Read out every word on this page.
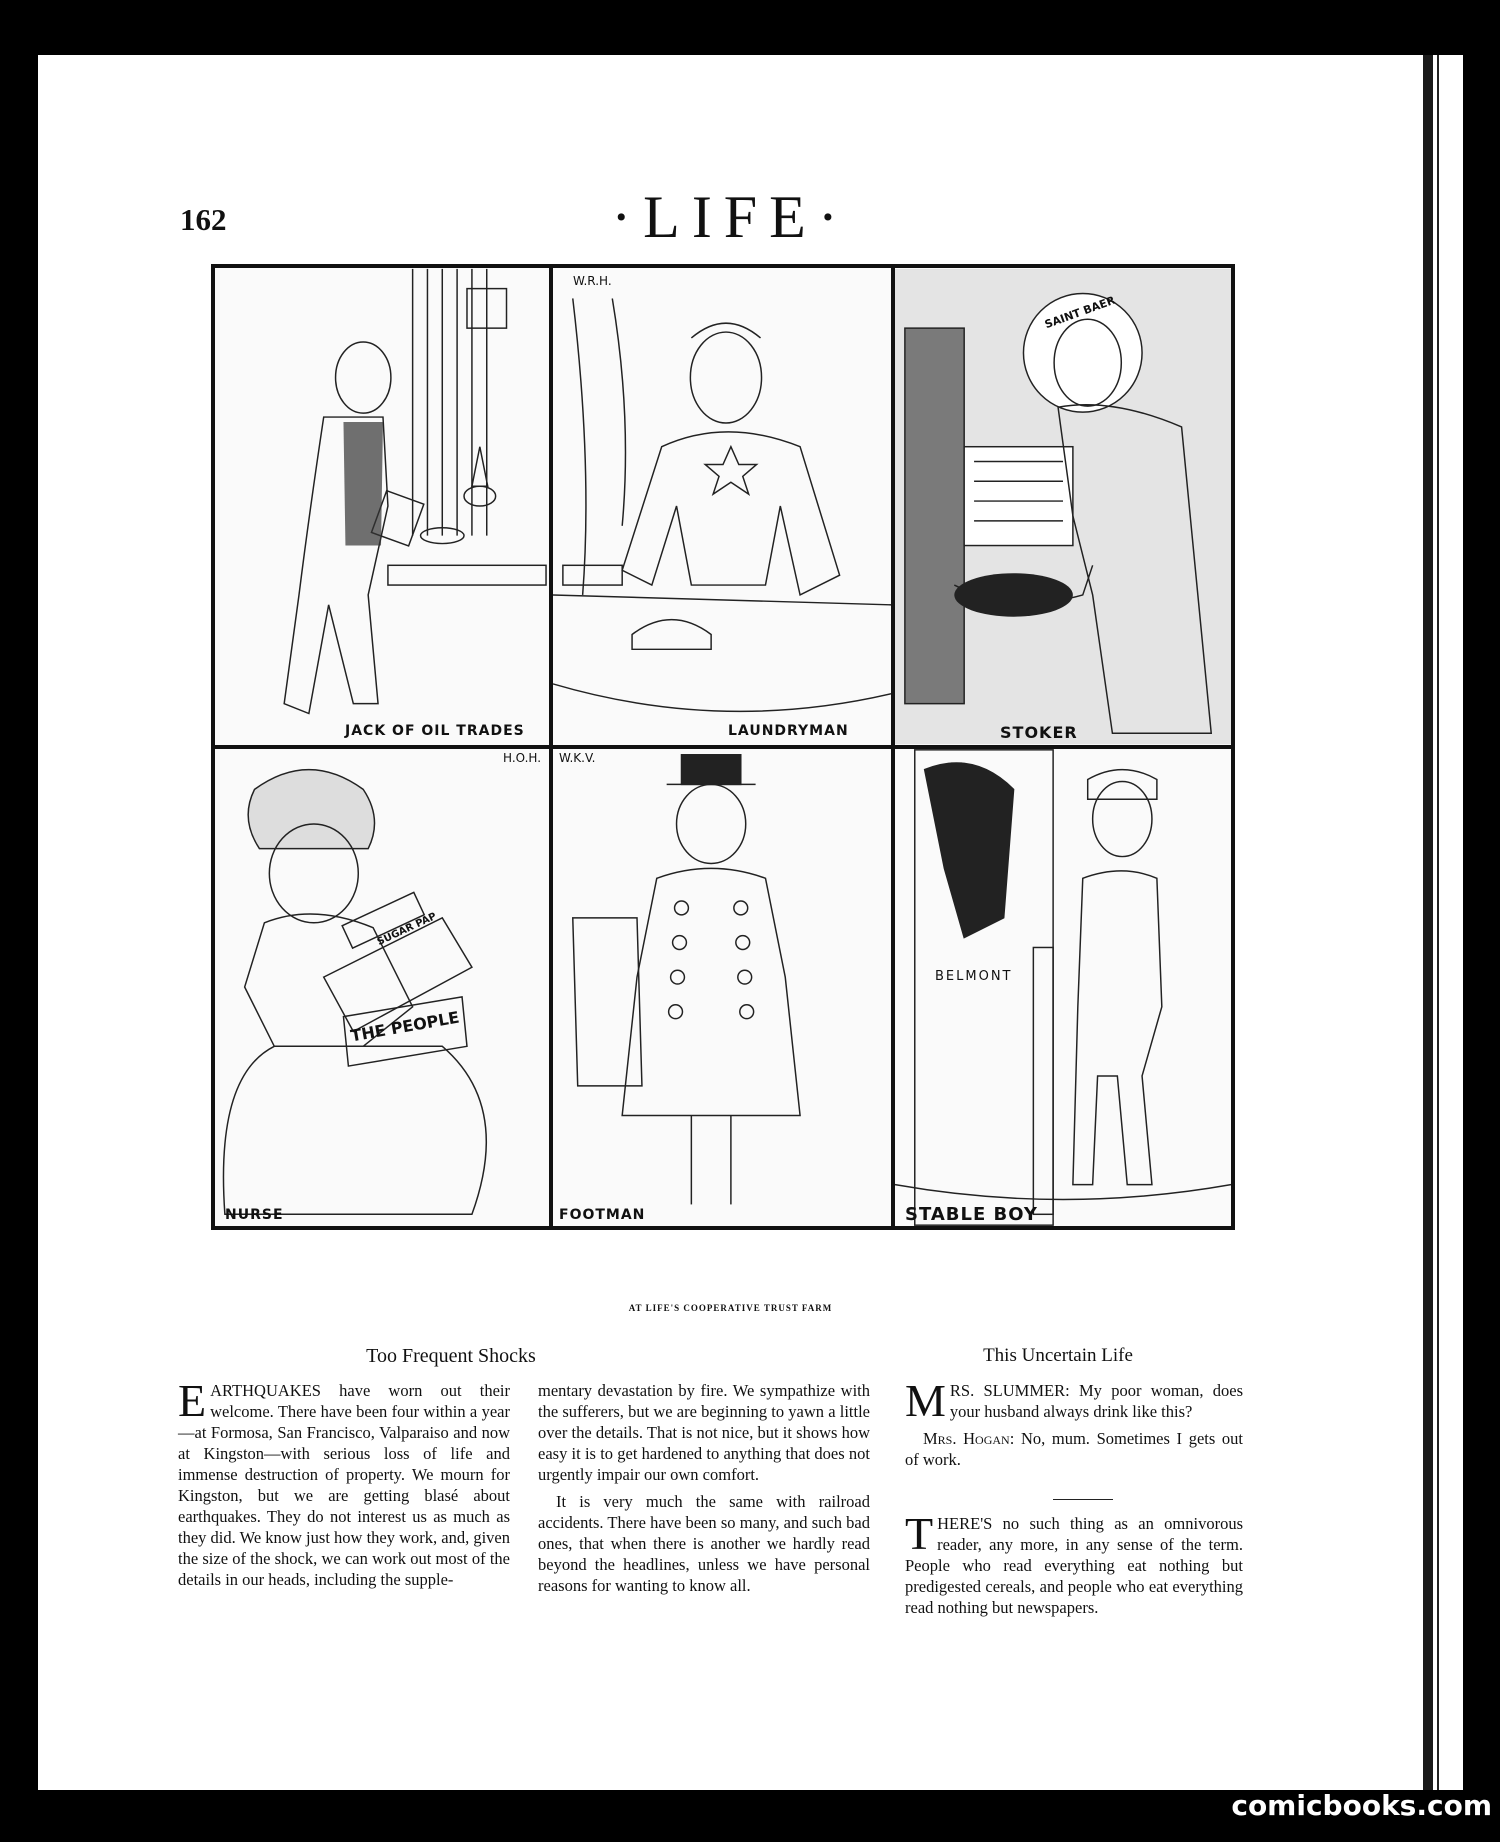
162	·LIFE·
JACK OF OIL TRADES
W.R.H.
LAUNDRYMAN
SAINT BAER
STOKER
H.O.H.
SUGAR PAP
THE PEOPLE
NURSE
W.K.V.
FOOTMAN
BELMONT
STABLE BOY
AT LIFE'S COOPERATIVE TRUST FARM
Too Frequent Shocks

EARTHQUAKES have worn out their welcome. There have been four within a year—at Formosa, San Francisco, Valparaiso and now at Kingston—with serious loss of life and immense destruction of property. We mourn for Kingston, but we are getting blasé about earthquakes. They do not interest us as much as they did. We know just how they work, and, given the size of the shock, we can work out most of the details in our heads, including the supple-

mentary devastation by fire. We sympathize with the sufferers, but we are beginning to yawn a little over the details. That is not nice, but it shows how easy it is to get hardened to anything that does not urgently impair our own comfort.

It is very much the same with railroad accidents. There have been so many, and such bad ones, that when there is another we hardly read beyond the headlines, unless we have personal reasons for wanting to know all.

This Uncertain Life

MRS. SLUMMER: My poor woman, does your husband always drink like this?

Mrs. Hogan: No, mum. Sometimes I gets out of work.

THERE'S no such thing as an omnivorous reader, any more, in any sense of the term. People who read everything eat nothing but predigested cereals, and people who eat everything read nothing but newspapers.

comicbooks.com
